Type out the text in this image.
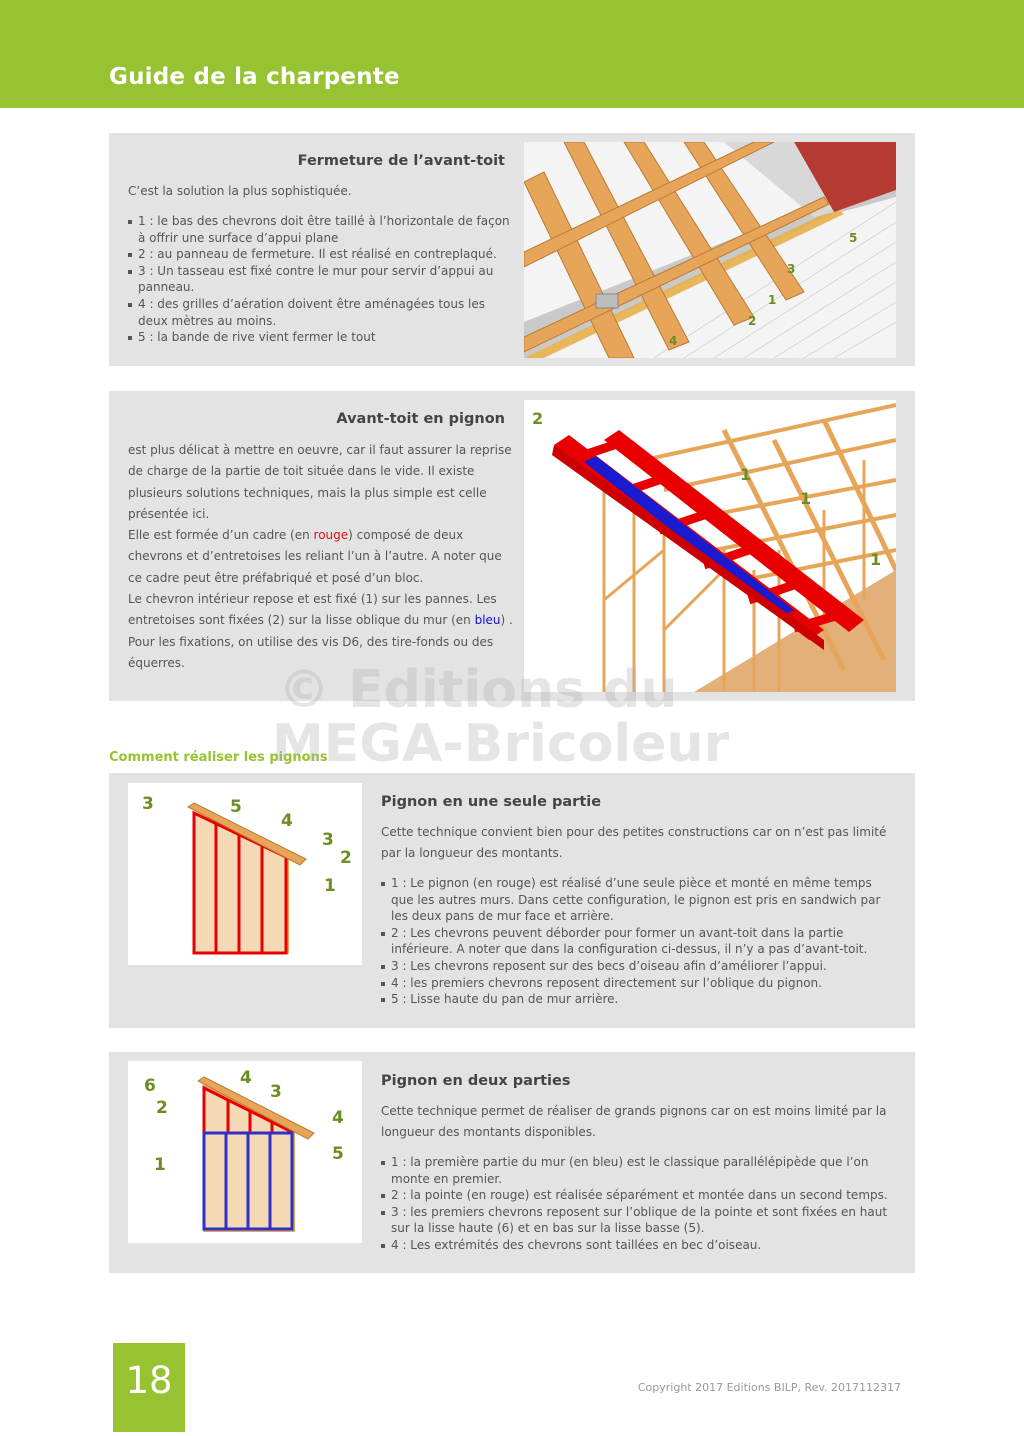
Guide de la charpente
Fermeture de l’avant-toit
C’est la solution la plus sophistiquée.
1 : le bas des chevrons doit être taillé à l’horizontale de façon à offrir une surface d’appui plane
2 : au panneau de fermeture. Il est réalisé en contreplaqué.
3 : Un tasseau est fixé contre le mur pour servir d’appui au panneau.
4 : des grilles d’aération doivent être aménagées tous les deux mètres au moins.
5 : la bande de rive vient fermer le tout
5
3
1
2
4
Avant-toit en pignon
est plus délicat à mettre en oeuvre, car il faut assurer la reprise de charge de la partie de toit située dans le vide. Il existe plusieurs solutions techniques, mais la plus simple est celle présentée ici.
Elle est formée d’un cadre (en rouge) composé de deux chevrons et d’entretoises les reliant l’un à l’autre. A noter que ce cadre peut être préfabriqué et posé d’un bloc.
Le chevron intérieur repose et est fixé (1) sur les pannes. Les entretoises sont fixées (2) sur la lisse oblique du mur (en bleu) .
Pour les fixations, on utilise des vis D6, des tire-fonds ou des équerres.
2
1
1
1
Comment réaliser les pignons
3	5
4
3
2
1
Pignon en une seule partie
Cette technique convient bien pour des petites constructions car on n’est pas limité par la longueur des montants.
1 : Le pignon (en rouge) est réalisé d’une seule pièce et monté en même temps que les autres murs. Dans cette configuration, le pignon est pris en sandwich par les deux pans de mur face et arrière.
2 : Les chevrons peuvent déborder pour former un avant-toit dans la partie inférieure. A noter que dans la configuration ci-dessus, il n’y a pas d’avant-toit.
3 : Les chevrons reposent sur des becs d’oiseau afin d’améliorer l’appui.
4 : les premiers chevrons reposent directement sur l’oblique du pignon.
5 : Lisse haute du pan de mur arrière.
6
2
4
3
4
5
1
Pignon en deux parties
Cette technique permet de réaliser de grands pignons car on est moins limité par la longueur des montants disponibles.
1 : la première partie du mur (en bleu) est le classique parallélépipède que l’on monte en premier.
2 : la pointe (en rouge) est réalisée séparément et montée dans un second temps.
3 : les premiers chevrons reposent sur l’oblique de la pointe et sont fixées en haut sur la lisse haute (6) et en bas sur la lisse basse (5).
4 : Les extrémités des chevrons sont taillées en bec d’oiseau.
© Editions du
MEGA-Bricoleur
18	Copyright 2017 Editions BILP, Rev. 2017112317
